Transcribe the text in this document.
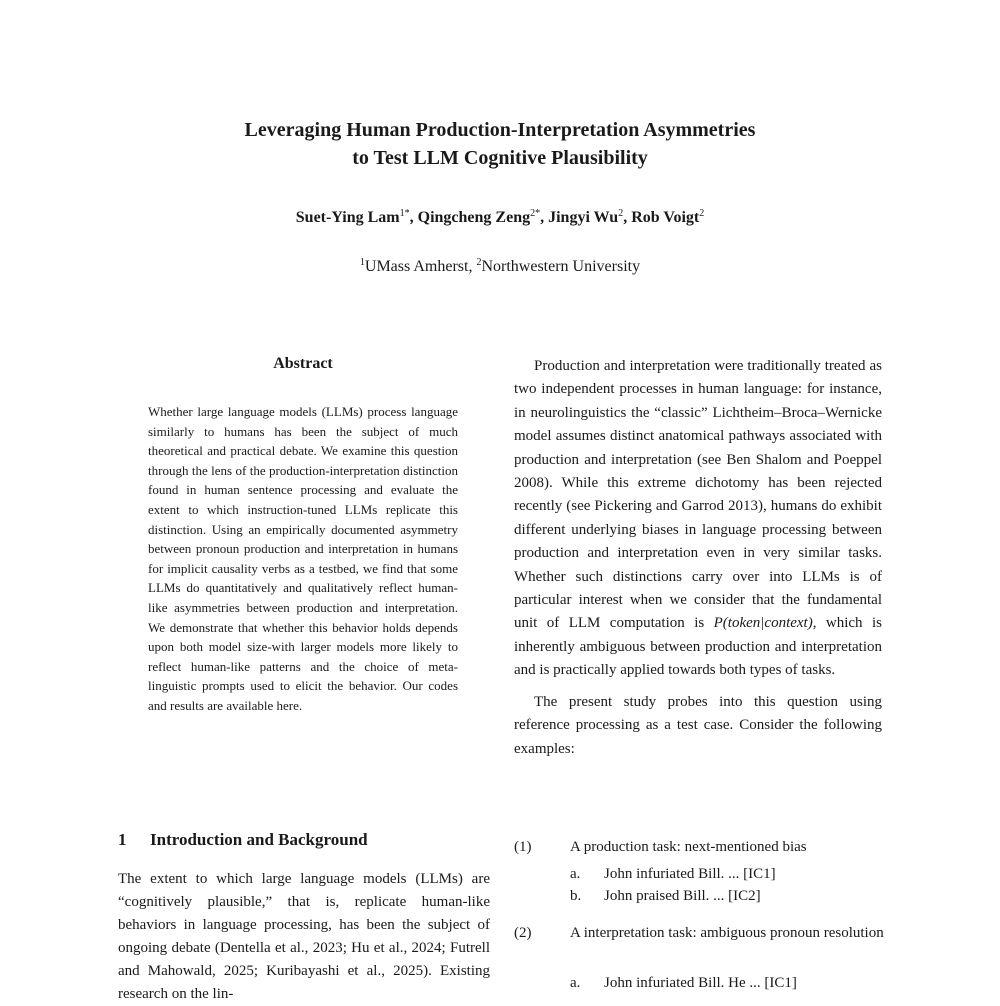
Leveraging Human Production-Interpretation Asymmetries
to Test LLM Cognitive Plausibility
Suet-Ying Lam$^{1*}$, Qingcheng Zeng$^{2*}$, Jingyi Wu$^2$, Rob Voigt$^2$
$^1$UMass Amherst, $^2$Northwestern University
Abstract
Whether large language models (LLMs) process language similarly to humans has been the subject of much theoretical and practical debate. We examine this question through the lens of the production-interpretation distinction found in human sentence processing and evaluate the extent to which instruction-tuned LLMs replicate this distinction. Using an empirically documented asymmetry between pronoun production and interpretation in humans for implicit causality verbs as a testbed, we find that some LLMs do quantitatively and qualitatively reflect human-like asymmetries between production and interpretation. We demonstrate that whether this behavior holds depends upon both model size-with larger models more likely to reflect human-like patterns and the choice of meta-linguistic prompts used to elicit the behavior. Our codes and results are available here.
1 Introduction and Background
The extent to which large language models (LLMs) are “cognitively plausible,” that is, replicate human-like behaviors in language processing, has been the subject of ongoing debate (Dentella et al., 2023; Hu et al., 2024; Futrell and Mahowald, 2025; Kuribayashi et al., 2025). Existing research on the lin-

Production and interpretation were traditionally treated as two independent processes in human language: for instance, in neurolinguistics the “classic” Lichtheim–Broca–Wernicke model assumes distinct anatomical pathways associated with production and interpretation (see Ben Shalom and Poeppel 2008). While this extreme dichotomy has been rejected recently (see Pickering and Garrod 2013), humans do exhibit different underlying biases in language processing between production and interpretation even in very similar tasks. Whether such distinctions carry over into LLMs is of particular interest when we consider that the fundamental unit of LLM computation is P(token|context), which is inherently ambiguous between production and interpretation and is practically applied towards both types of tasks.

The present study probes into this question using reference processing as a test case. Consider the following examples:

(1)	A production task: next-mentioned bias
a. John infuriated Bill. ... [IC1]
b. John praised Bill. ... [IC2]
(2)	A interpretation task: ambiguous pronoun resolution
a. John infuriated Bill. He ... [IC1]
